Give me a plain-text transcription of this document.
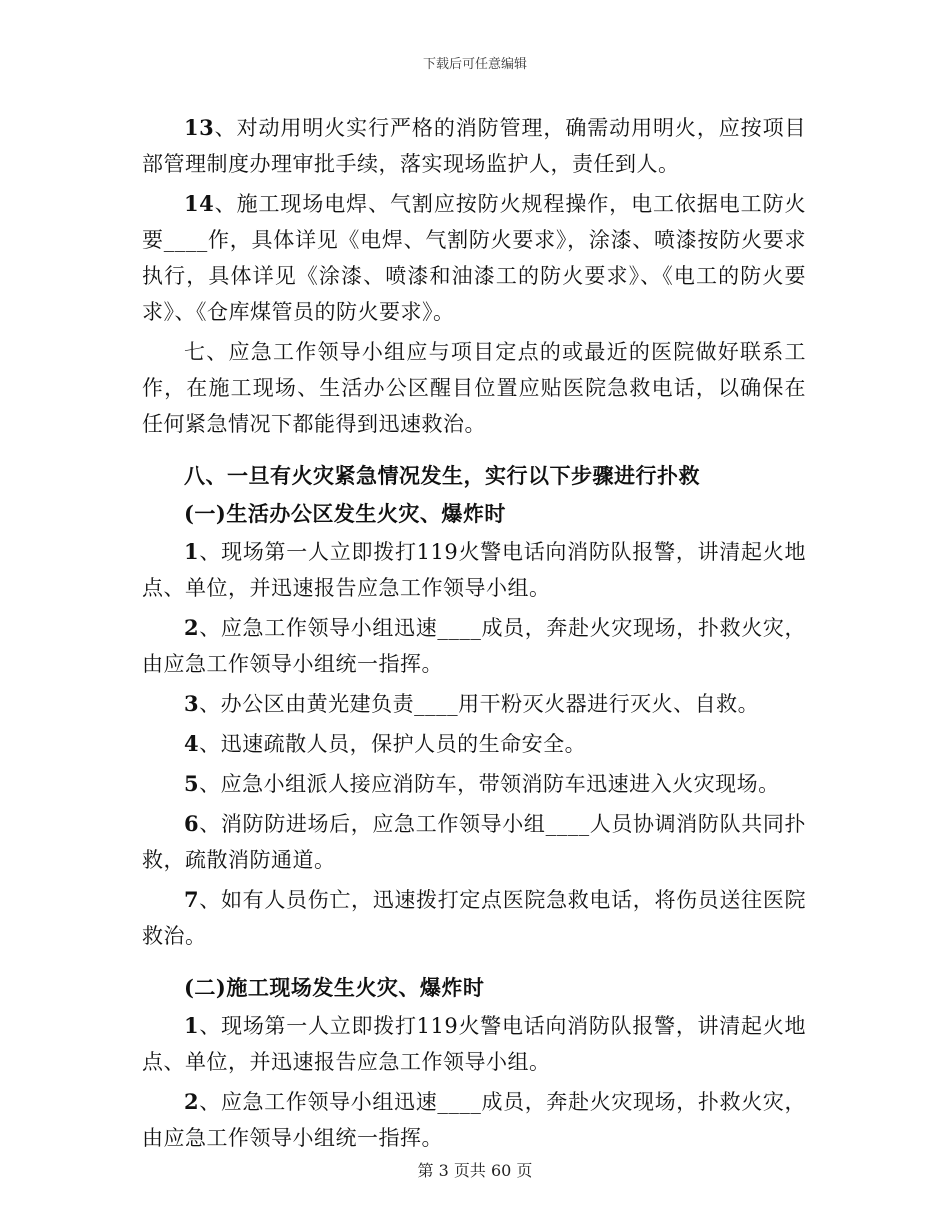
下载后可任意编辑

13、对动用明火实行严格的消防管理，确需动用明火，应按项目部管理制度办理审批手续，落实现场监护人，责任到人。

14、施工现场电焊、气割应按防火规程操作，电工依据电工防火要____作，具体详见《电焊、气割防火要求》，涂漆、喷漆按防火要求执行，具体详见《涂漆、喷漆和油漆工的防火要求》、《电工的防火要求》、《仓库煤管员的防火要求》。

七、应急工作领导小组应与项目定点的或最近的医院做好联系工作，在施工现场、生活办公区醒目位置应贴医院急救电话，以确保在任何紧急情况下都能得到迅速救治。

八、一旦有火灾紧急情况发生，实行以下步骤进行扑救

(一)生活办公区发生火灾、爆炸时

1、现场第一人立即拨打119火警电话向消防队报警，讲清起火地点、单位，并迅速报告应急工作领导小组。

2、应急工作领导小组迅速____成员，奔赴火灾现场，扑救火灾，由应急工作领导小组统一指挥。

3、办公区由黄光建负责____用干粉灭火器进行灭火、自救。

4、迅速疏散人员，保护人员的生命安全。

5、应急小组派人接应消防车，带领消防车迅速进入火灾现场。

6、消防防进场后，应急工作领导小组____人员协调消防队共同扑救，疏散消防通道。

7、如有人员伤亡，迅速拨打定点医院急救电话，将伤员送往医院救治。

(二)施工现场发生火灾、爆炸时

1、现场第一人立即拨打119火警电话向消防队报警，讲清起火地点、单位，并迅速报告应急工作领导小组。

2、应急工作领导小组迅速____成员，奔赴火灾现场，扑救火灾，由应急工作领导小组统一指挥。

第 3 页共 60 页
